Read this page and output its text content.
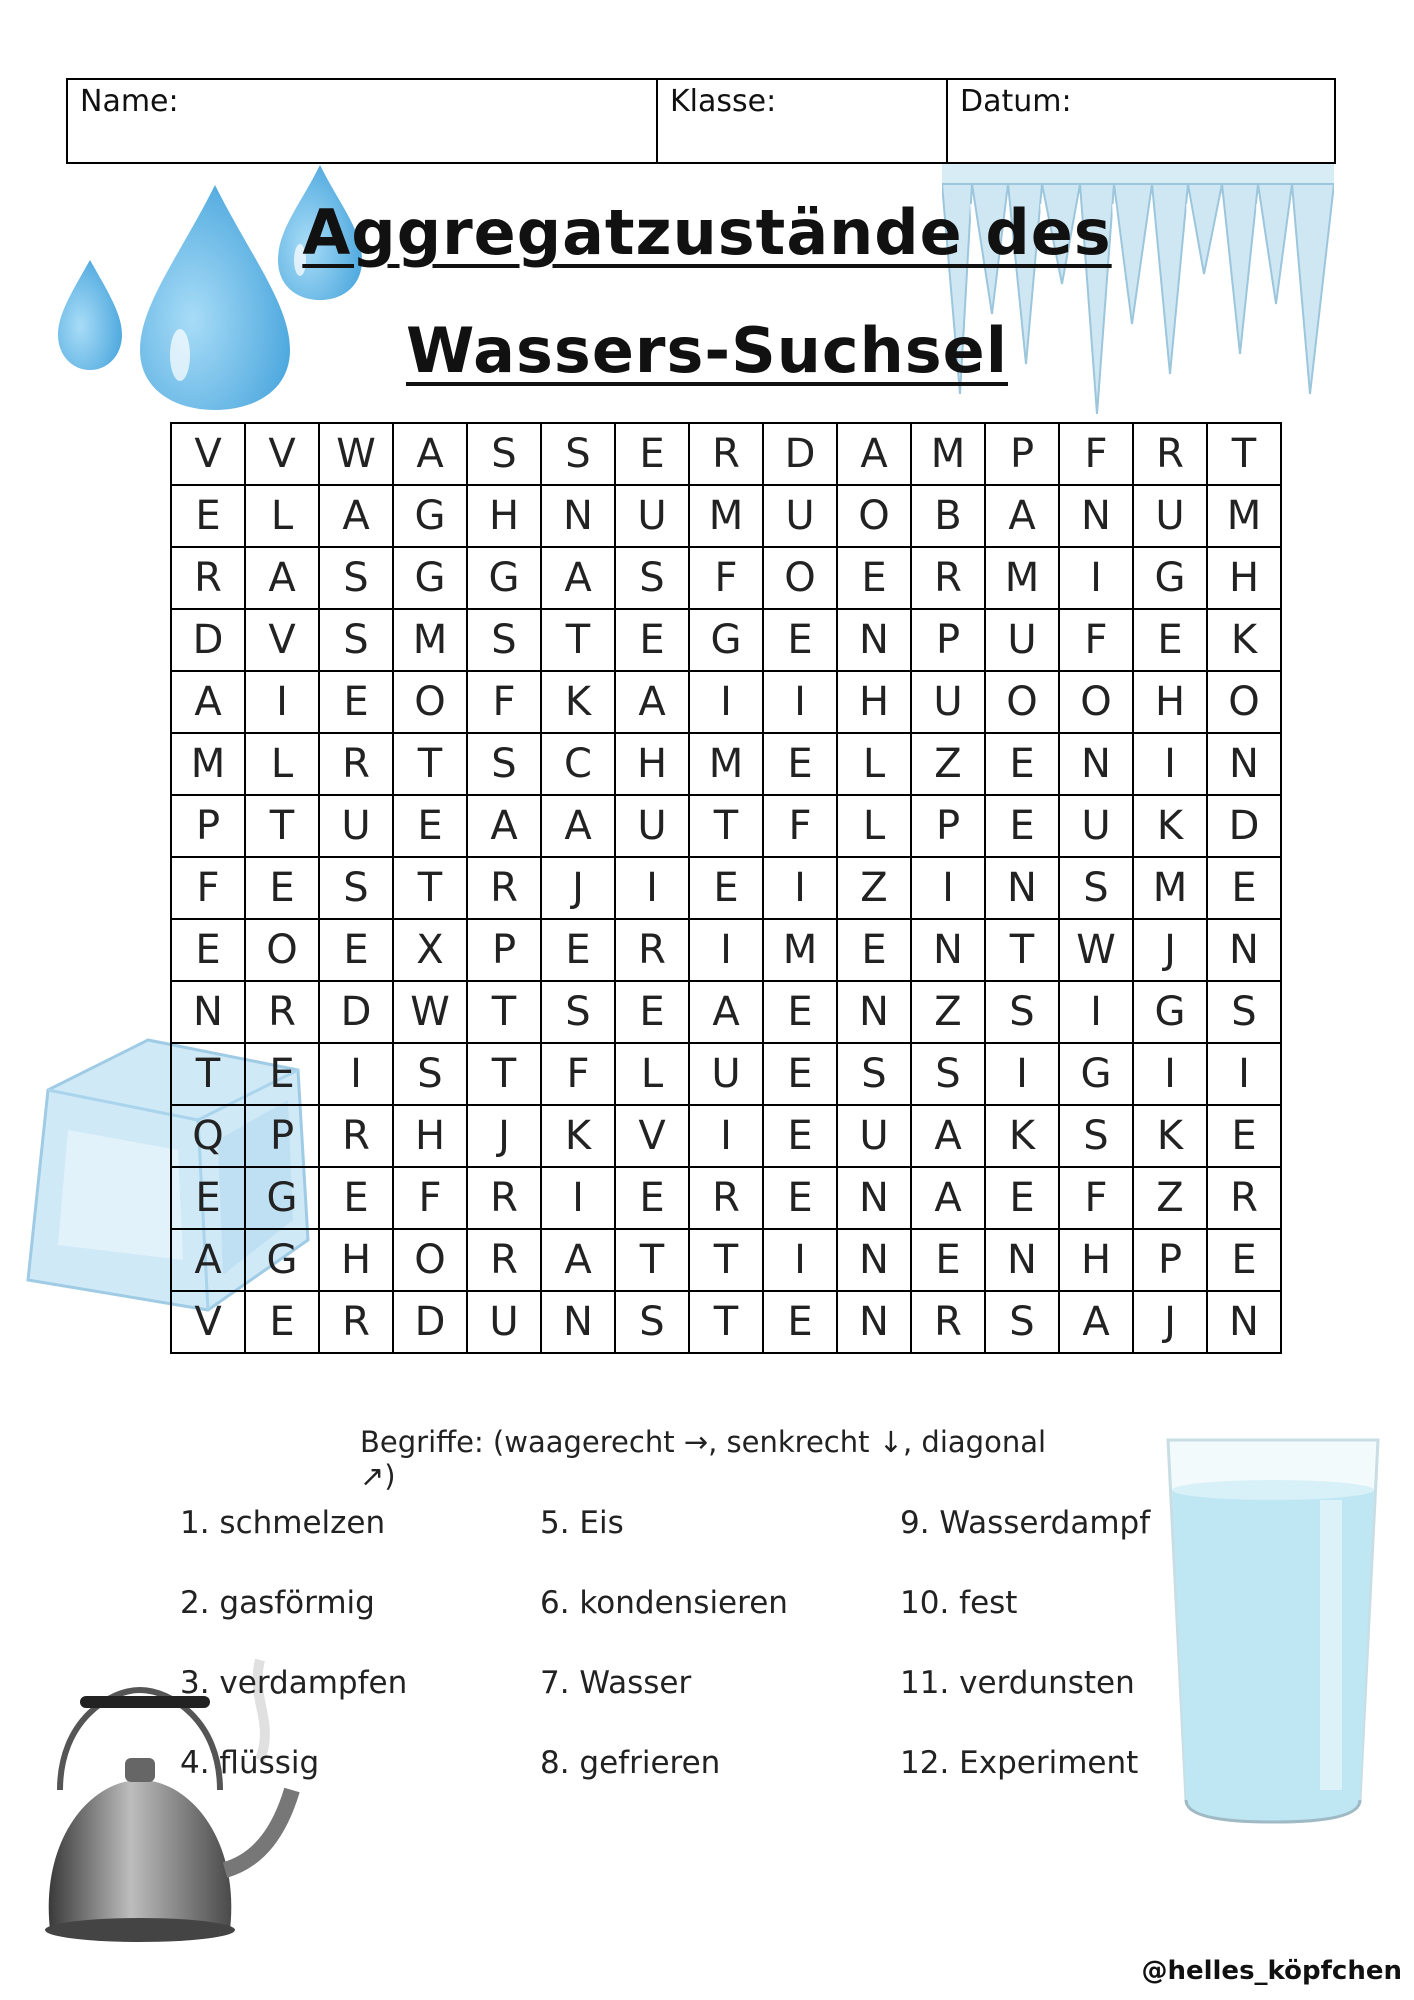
Name:	Klasse:	Datum:
Aggregatzustände des
Wassers-Suchsel
V	V	W	A	S	S	E	R	D	A	M	P	F	R	T
E	L	A	G	H	N	U	M	U	O	B	A	N	U	M
R	A	S	G	G	A	S	F	O	E	R	M	I	G	H
D	V	S	M	S	T	E	G	E	N	P	U	F	E	K
A	I	E	O	F	K	A	I	I	H	U	O	O	H	O
M	L	R	T	S	C	H	M	E	L	Z	E	N	I	N
P	T	U	E	A	A	U	T	F	L	P	E	U	K	D
F	E	S	T	R	J	I	E	I	Z	I	N	S	M	E
E	O	E	X	P	E	R	I	M	E	N	T	W	J	N
N	R	D	W	T	S	E	A	E	N	Z	S	I	G	S
T	E	I	S	T	F	L	U	E	S	S	I	G	I	I
Q	P	R	H	J	K	V	I	E	U	A	K	S	K	E
E	G	E	F	R	I	E	R	E	N	A	E	F	Z	R
A	G	H	O	R	A	T	T	I	N	E	N	H	P	E
V	E	R	D	U	N	S	T	E	N	R	S	A	J	N
Begriffe: (waagerecht →, senkrecht ↓, diagonal ↗)
1. schmelzen
2. gasförmig
3. verdampfen
4. flüssig
5. Eis
6. kondensieren
7. Wasser
8. gefrieren
9. Wasserdampf
10. fest
11. verdunsten
12. Experiment
@helles_köpfchen
